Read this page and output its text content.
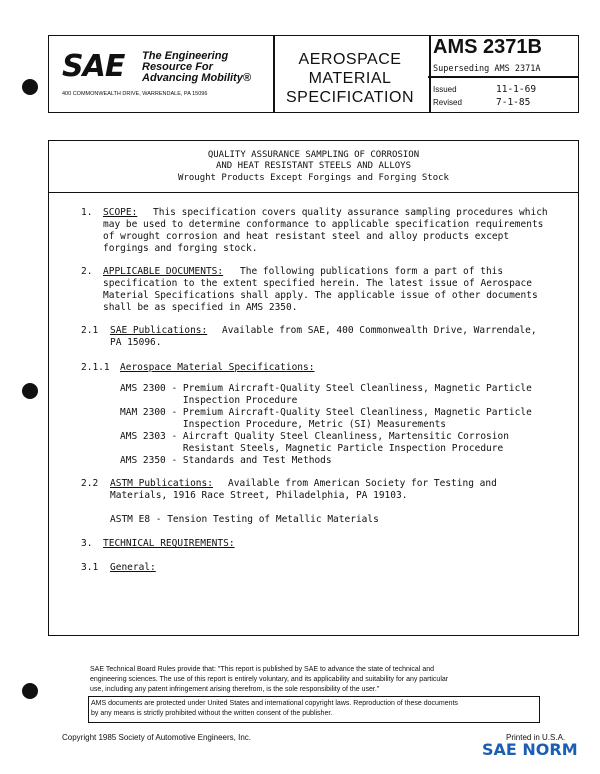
SAE The Engineering
Resource For
Advancing Mobility®
400 COMMONWEALTH DRIVE, WARRENDALE, PA 15096
AEROSPACE
MATERIAL
SPECIFICATION
AMS 2371B
Superseding AMS 2371A
Issued	11-1-69
Revised	7-1-85
QUALITY ASSURANCE SAMPLING OF CORROSION
AND HEAT RESISTANT STEELS AND ALLOYS
Wrought Products Except Forgings and Forging Stock
1. SCOPE: This specification covers quality assurance sampling procedures which
may be used to determine conformance to applicable specification requirements
of wrought corrosion and heat resistant steel and alloy products except
forgings and forging stock.
2. APPLICABLE DOCUMENTS: The following publications form a part of this
specification to the extent specified herein. The latest issue of Aerospace
Material Specifications shall apply. The applicable issue of other documents
shall be as specified in AMS 2350.
2.1 SAE Publications: Available from SAE, 400 Commonwealth Drive, Warrendale,
PA 15096.
2.1.1 Aerospace Material Specifications:
AMS 2300 - Premium Aircraft-Quality Steel Cleanliness, Magnetic Particle
Inspection Procedure
MAM 2300 - Premium Aircraft-Quality Steel Cleanliness, Magnetic Particle
Inspection Procedure, Metric (SI) Measurements
AMS 2303 - Aircraft Quality Steel Cleanliness, Martensitic Corrosion
Resistant Steels, Magnetic Particle Inspection Procedure
AMS 2350 - Standards and Test Methods
2.2 ASTM Publications: Available from American Society for Testing and
Materials, 1916 Race Street, Philadelphia, PA 19103.
ASTM E8 - Tension Testing of Metallic Materials
3. TECHNICAL REQUIREMENTS:
3.1 General:
SAE Technical Board Rules provide that: "This report is published by SAE to advance the state of technical and
engineering sciences. The use of this report is entirely voluntary, and its applicability and suitability for any particular
use, including any patent infringement arising therefrom, is the sole responsibility of the user."
AMS documents are protected under United States and international copyright laws. Reproduction of these documents
by any means is strictly prohibited without the written consent of the publisher.
Copyright 1985 Society of Automotive Engineers, Inc.	Printed in U.S.A.
SAE NORM
